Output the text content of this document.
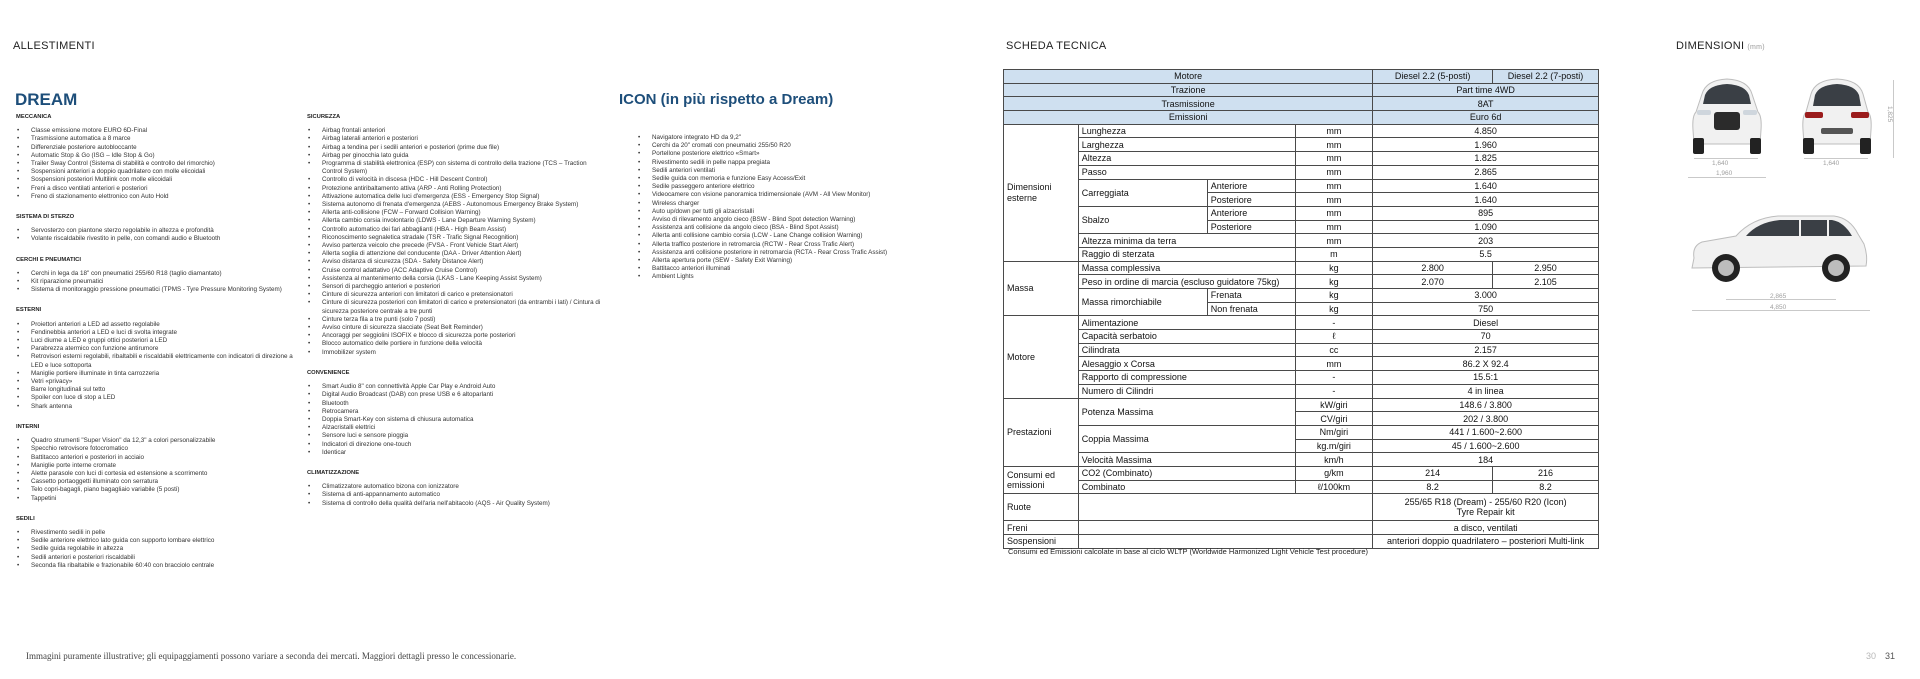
ALLESTIMENTI	SCHEDA TECNICA	DIMENSIONI (mm)
DREAM	ICON (in più rispetto a Dream)
MECCANICA
• Classe emissione motore EURO 6D-Final
• Trasmissione automatica a 8 marce
• Differenziale posteriore autobloccante
• Automatic Stop & Go (ISG – Idle Stop & Go)
• Trailer Sway Control (Sistema di stabilità e controllo del rimorchio)
• Sospensioni anteriori a doppio quadrilatero con molle elicoidali
• Sospensioni posteriori Multilink con molle elicoidali
• Freni a disco ventilati anteriori e posteriori
• Freno di stazionamento elettronico con Auto Hold
SISTEMA DI STERZO
• Servosterzo con piantone sterzo regolabile in altezza e profondità
• Volante riscaldabile rivestito in pelle, con comandi audio e Bluetooth
CERCHI E PNEUMATICI
• Cerchi in lega da 18" con pneumatici 255/60 R18 (taglio diamantato)
• Kit riparazione pneumatici
• Sistema di monitoraggio pressione pneumatici (TPMS - Tyre Pressure Monitoring System)
ESTERNI
• Proiettori anteriori a LED ad assetto regolabile
• Fendinebbia anteriori a LED e luci di svolta integrate
• Luci diurne a LED e gruppi ottici posteriori a LED
• Parabrezza atermico con funzione antirumore
• Retrovisori esterni regolabili, ribaltabili e riscaldabili elettricamente con indicatori di direzione a LED e luce sottoporta
• Maniglie portiere illuminate in tinta carrozzeria
• Vetri «privacy»
• Barre longitudinali sul tetto
• Spoiler con luce di stop a LED
• Shark antenna
INTERNI
• Quadro strumenti "Super Vision" da 12,3" a colori personalizzabile
• Specchio retrovisore fotocromatico
• Battitacco anteriori e posteriori in acciaio
• Maniglie porte interne cromate
• Alette parasole con luci di cortesia ed estensione a scorrimento
• Cassetto portaoggetti illuminato con serratura
• Telo copri-bagagli, piano bagagliaio variabile (5 posti)
• Tappetini
SEDILI
• Rivestimento sedili in pelle
• Sedile anteriore elettrico lato guida con supporto lombare elettrico
• Sedile guida regolabile in altezza
• Sedili anteriori e posteriori riscaldabili
• Seconda fila ribaltabile e frazionabile 60:40 con bracciolo centrale
SICUREZZA
• Airbag frontali anteriori
• Airbag laterali anteriori e posteriori
• Airbag a tendina per i sedili anteriori e posteriori (prime due file)
• Airbag per ginocchia lato guida
• Programma di stabilità elettronica (ESP) con sistema di controllo della trazione (TCS – Traction Control System)
• Controllo di velocità in discesa (HDC - Hill Descent Control)
• Protezione antiribaltamento attiva (ARP - Anti Rolling Protection)
• Attivazione automatica delle luci d'emergenza (ESS - Emergency Stop Signal)
• Sistema autonomo di frenata d'emergenza (AEBS - Autonomous Emergency Brake System)
• Allerta anti-collisione (FCW – Forward Collision Warning)
• Allerta cambio corsia involontario (LDWS - Lane Departure Warning System)
• Controllo automatico dei fari abbaglianti (HBA - High Beam Assist)
• Riconoscimento segnaletica stradale (TSR - Trafic Signal Recognition)
• Avviso partenza veicolo che precede (FVSA - Front Vehicle Start Alert)
• Allerta soglia di attenzione del conducente (DAA - Driver Attention Alert)
• Avviso distanza di sicurezza (SDA - Safety Distance Alert)
• Cruise control adattativo (ACC Adaptive Cruise Control)
• Assistenza al mantenimento della corsia (LKAS - Lane Keeping Assist System)
• Sensori di parcheggio anteriori e posteriori
• Cinture di sicurezza anteriori con limitatori di carico e pretensionatori
• Cinture di sicurezza posteriori con limitatori di carico e pretensionatori (da entrambi i lati) / Cintura di sicurezza posteriore centrale a tre punti
• Cinture terza fila a tre punti (solo 7 posti)
• Avviso cinture di sicurezza slacciate (Seat Belt Reminder)
• Ancoraggi per seggiolini ISOFIX e blocco di sicurezza porte posteriori
• Blocco automatico delle portiere in funzione della velocità
• Immobilizer system
CONVENIENCE
• Smart Audio 8" con connettività Apple Car Play e Android Auto
• Digital Audio Broadcast (DAB) con prese USB e 6 altoparlanti
• Bluetooth
• Retrocamera
• Doppia Smart-Key con sistema di chiusura automatica
• Alzacristalli elettrici
• Sensore luci e sensore pioggia
• Indicatori di direzione one-touch
• Identicar
CLIMATIZZAZIONE
• Climatizzatore automatico bizona con ionizzatore
• Sistema di anti-appannamento automatico
• Sistema di controllo della qualità dell'aria nell'abitacolo (AQS - Air Quality System)
• Navigatore integrato HD da 9,2"
• Cerchi da 20" cromati con pneumatici 255/50 R20
• Portellone posteriore elettrico «Smart»
• Rivestimento sedili in pelle nappa pregiata
• Sedili anteriori ventilati
• Sedile guida con memoria e funzione Easy Access/Exit
• Sedile passeggero anteriore elettrico
• Videocamere con visione panoramica tridimensionale (AVM - All View Monitor)
• Wireless charger
• Auto up/down per tutti gli alzacristalli
• Avviso di rilevamento angolo cieco (BSW - Blind Spot detection Warning)
• Assistenza anti collisione da angolo cieco (BSA - Blind Spot Assist)
• Allerta anti collisione cambio corsia (LCW - Lane Change collision Warning)
• Allerta traffico posteriore in retromarcia (RCTW - Rear Cross Trafic Alert)
• Assistenza anti collisione posteriore in retromarcia (RCTA - Rear Cross Trafic Assist)
• Allerta apertura porte (SEW - Safety Exit Warning)
• Battitacco anteriori illuminati
• Ambient Lights
Motore				Diesel 2.2 (5-posti)	Diesel 2.2 (7-posti)
Trazione				Part time 4WD	
Trasmissione				8AT	
Emissioni				Euro 6d	
Dimensioni esterne	Lunghezza		mm	4.850	
	Larghezza		mm	1.960	
	Altezza		mm	1.825	
	Passo		mm	2.865	
	Carreggiata	Anteriore	mm	1.640	
		Posteriore	mm	1.640	
	Sbalzo	Anteriore	mm	895	
		Posteriore	mm	1.090	
	Altezza minima da terra		mm	203	
	Raggio di sterzata		m	5.5	
Massa	Massa complessiva		kg	2.800	2.950
	Peso in ordine di marcia (escluso guidatore 75kg)		kg	2.070	2.105
	Massa rimorchiabile	Frenata	kg	3.000	
		Non frenata	kg	750	
Motore	Alimentazione		-	Diesel	
	Capacità serbatoio		ℓ	70	
	Cilindrata		cc	2.157	
	Alesaggio x Corsa		mm	86.2 X 92.4	
	Rapporto di compressione		-	15.5:1	
	Numero di Cilindri		-	4 in linea	
Prestazioni	Potenza Massima		kW/giri	148.6 / 3.800	
			CV/giri	202 / 3.800	
	Coppia Massima		Nm/giri	441 / 1.600~2.600	
			kg.m/giri	45 / 1.600~2.600	
	Velocità Massima		km/h	184	
Consumi ed emissioni	CO2 (Combinato)		g/km	214	216
	Combinato		ℓ/100km	8.2	8.2
Ruote				255/65 R18 (Dream) - 255/60 R20 (Icon)
Tyre Repair kit	

Freni				a disco, ventilati	
Sospensioni				anteriori doppio quadrilatero – posteriori Multi-link	
Consumi ed Emissioni calcolate in base al ciclo WLTP (Worldwide Harmonized Light Vehicle Test procedure)
1,825
1,640	1,640
1,960
2,865
4,850
Immagini puramente illustrative; gli equipaggiamenti possono variare a seconda dei mercati. Maggiori dettagli presso le concessionarie.	30 31
